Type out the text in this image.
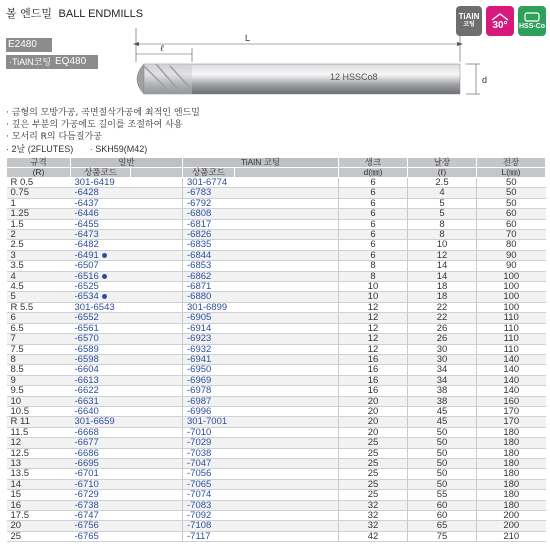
볼 엔드밀 BALL ENDMILLS	TiAlN
코팅 30° HSS-Co
E2480
·TiAlN코팅 EQ480
ℓ
L
12 HSSCo8	d
· 금형의 모방가공, 곡면절삭가공에 최적인 엔드밀
· 깊은 부분의 가공에도 길이를 조절하여 사용
· 모서리 R의 다듬질가공
· 2날 (2FLUTES) · SKH59(M42)
규격	일반		TiAlN 코팅		생크	날장	전장
(R)	상품코드		상품코드		d(㎜)	(ℓ)	L(㎜)
R 0.5	301-6419		301-6774		6	2.5	50
0.75	-6428		-6783		6	4	50
1	-6437		-6792		6	5	50
1.25	-6446		-6808		6	5	60
1.5	-6455		-6817		6	8	60
2	-6473		-6826		6	8	70
2.5	-6482		-6835		6	10	80
3	-6491		-6844		6	12	90
3.5	-6507		-6853		8	14	90
4	-6516		-6862		8	14	100
4.5	-6525		-6871		10	18	100
5	-6534		-6880		10	18	100
R 5.5	301-6543		301-6899		12	22	100
6	-6552		-6905		12	22	110
6.5	-6561		-6914		12	26	110
7	-6570		-6923		12	26	110
7.5	-6589		-6932		12	30	110
8	-6598		-6941		16	30	140
8.5	-6604		-6950		16	34	140
9	-6613		-6969		16	34	140
9.5	-6622		-6978		16	38	140
10	-6631		-6987		20	38	160
10.5	-6640		-6996		20	45	170
R 11	301-6659		301-7001		20	45	170
11.5	-6668		-7010		20	50	180
12	-6677		-7029		25	50	180
12.5	-6686		-7038		25	50	180
13	-6695		-7047		25	50	180
13.5	-6701		-7056		25	50	180
14	-6710		-7065		25	50	180
15	-6729		-7074		25	55	180
16	-6738		-7083		32	60	180
17.5	-6747		-7092		32	60	200
20	-6756		-7108		32	65	200
25	-6765		-7117		42	75	210
